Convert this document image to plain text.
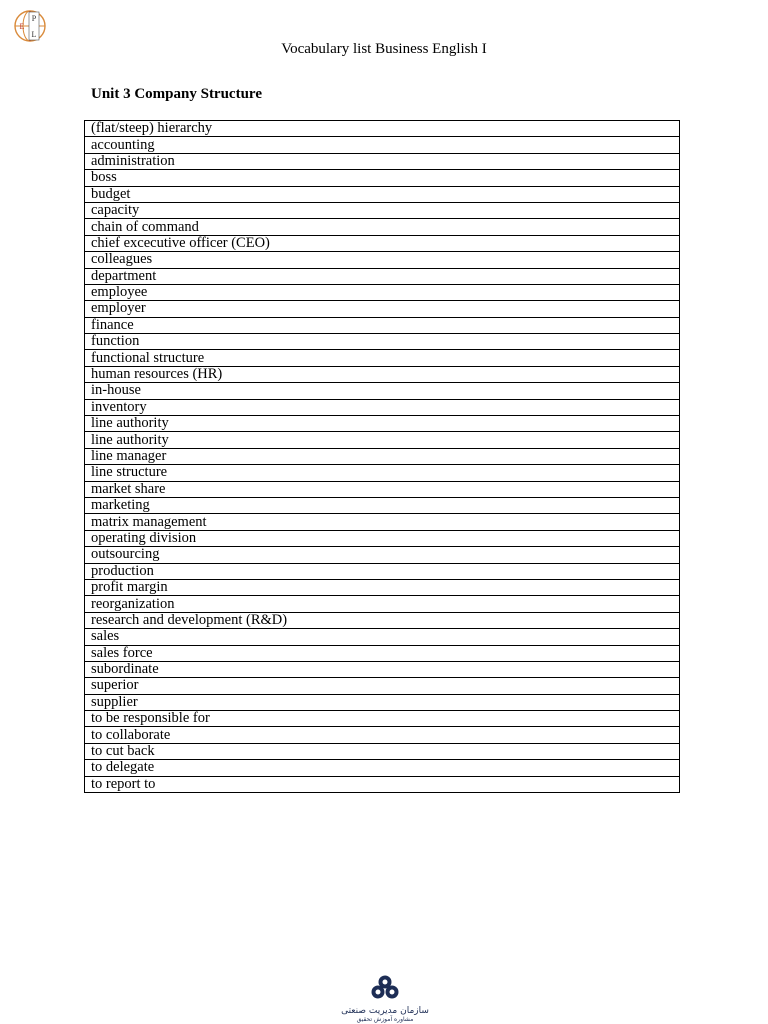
P
E
L
Vocabulary list Business English I
Unit 3 Company Structure
(flat/steep) hierarchy
accounting
administration
boss
budget
capacity
chain of command
chief excecutive officer (CEO)
colleagues
department
employee
employer
finance
function
functional structure
human resources (HR)
in-house
inventory
line authority
line authority
line manager
line structure
market share
marketing
matrix management
operating division
outsourcing
production
profit margin
reorganization
research and development (R&D)
sales
sales force
subordinate
superior
supplier
to be responsible for
to collaborate
to cut back
to delegate
to report to
سازمان مدیریت صنعتی
مشاوره آموزش تحقیق
